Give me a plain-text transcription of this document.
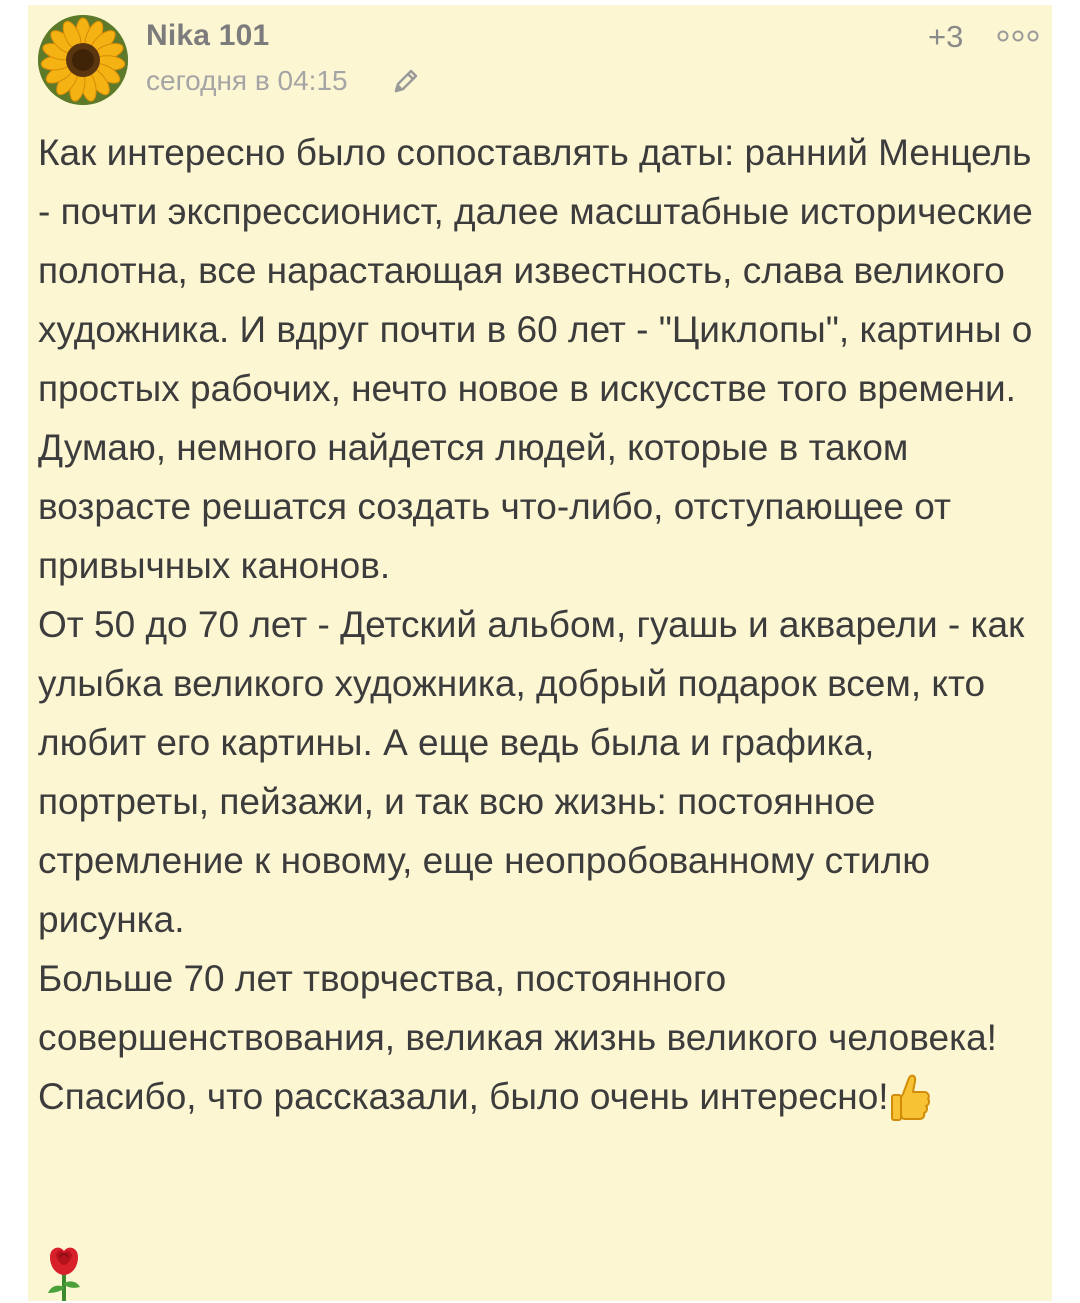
Nika 101
сегодня в 04:15
+3

Как интересно было сопоставлять даты: ранний Менцель - почти экспрессионист, далее масштабные исторические полотна, все нарастающая известность, слава великого художника. И вдруг почти в 60 лет - "Циклопы", картины о простых рабочих, нечто новое в искусстве того времени. Думаю, немного найдется людей, которые в таком возрасте решатся создать что-либо, отступающее от привычных канонов.

От 50 до 70 лет - Детский альбом, гуашь и акварели - как улыбка великого художника, добрый подарок всем, кто любит его картины. А еще ведь была и графика, портреты, пейзажи, и так всю жизнь: постоянное стремление к новому, еще неопробованному стилю рисунка.

Больше 70 лет творчества, постоянного совершенствования, великая жизнь великого человека!

Спасибо, что рассказали, было очень интересно!
